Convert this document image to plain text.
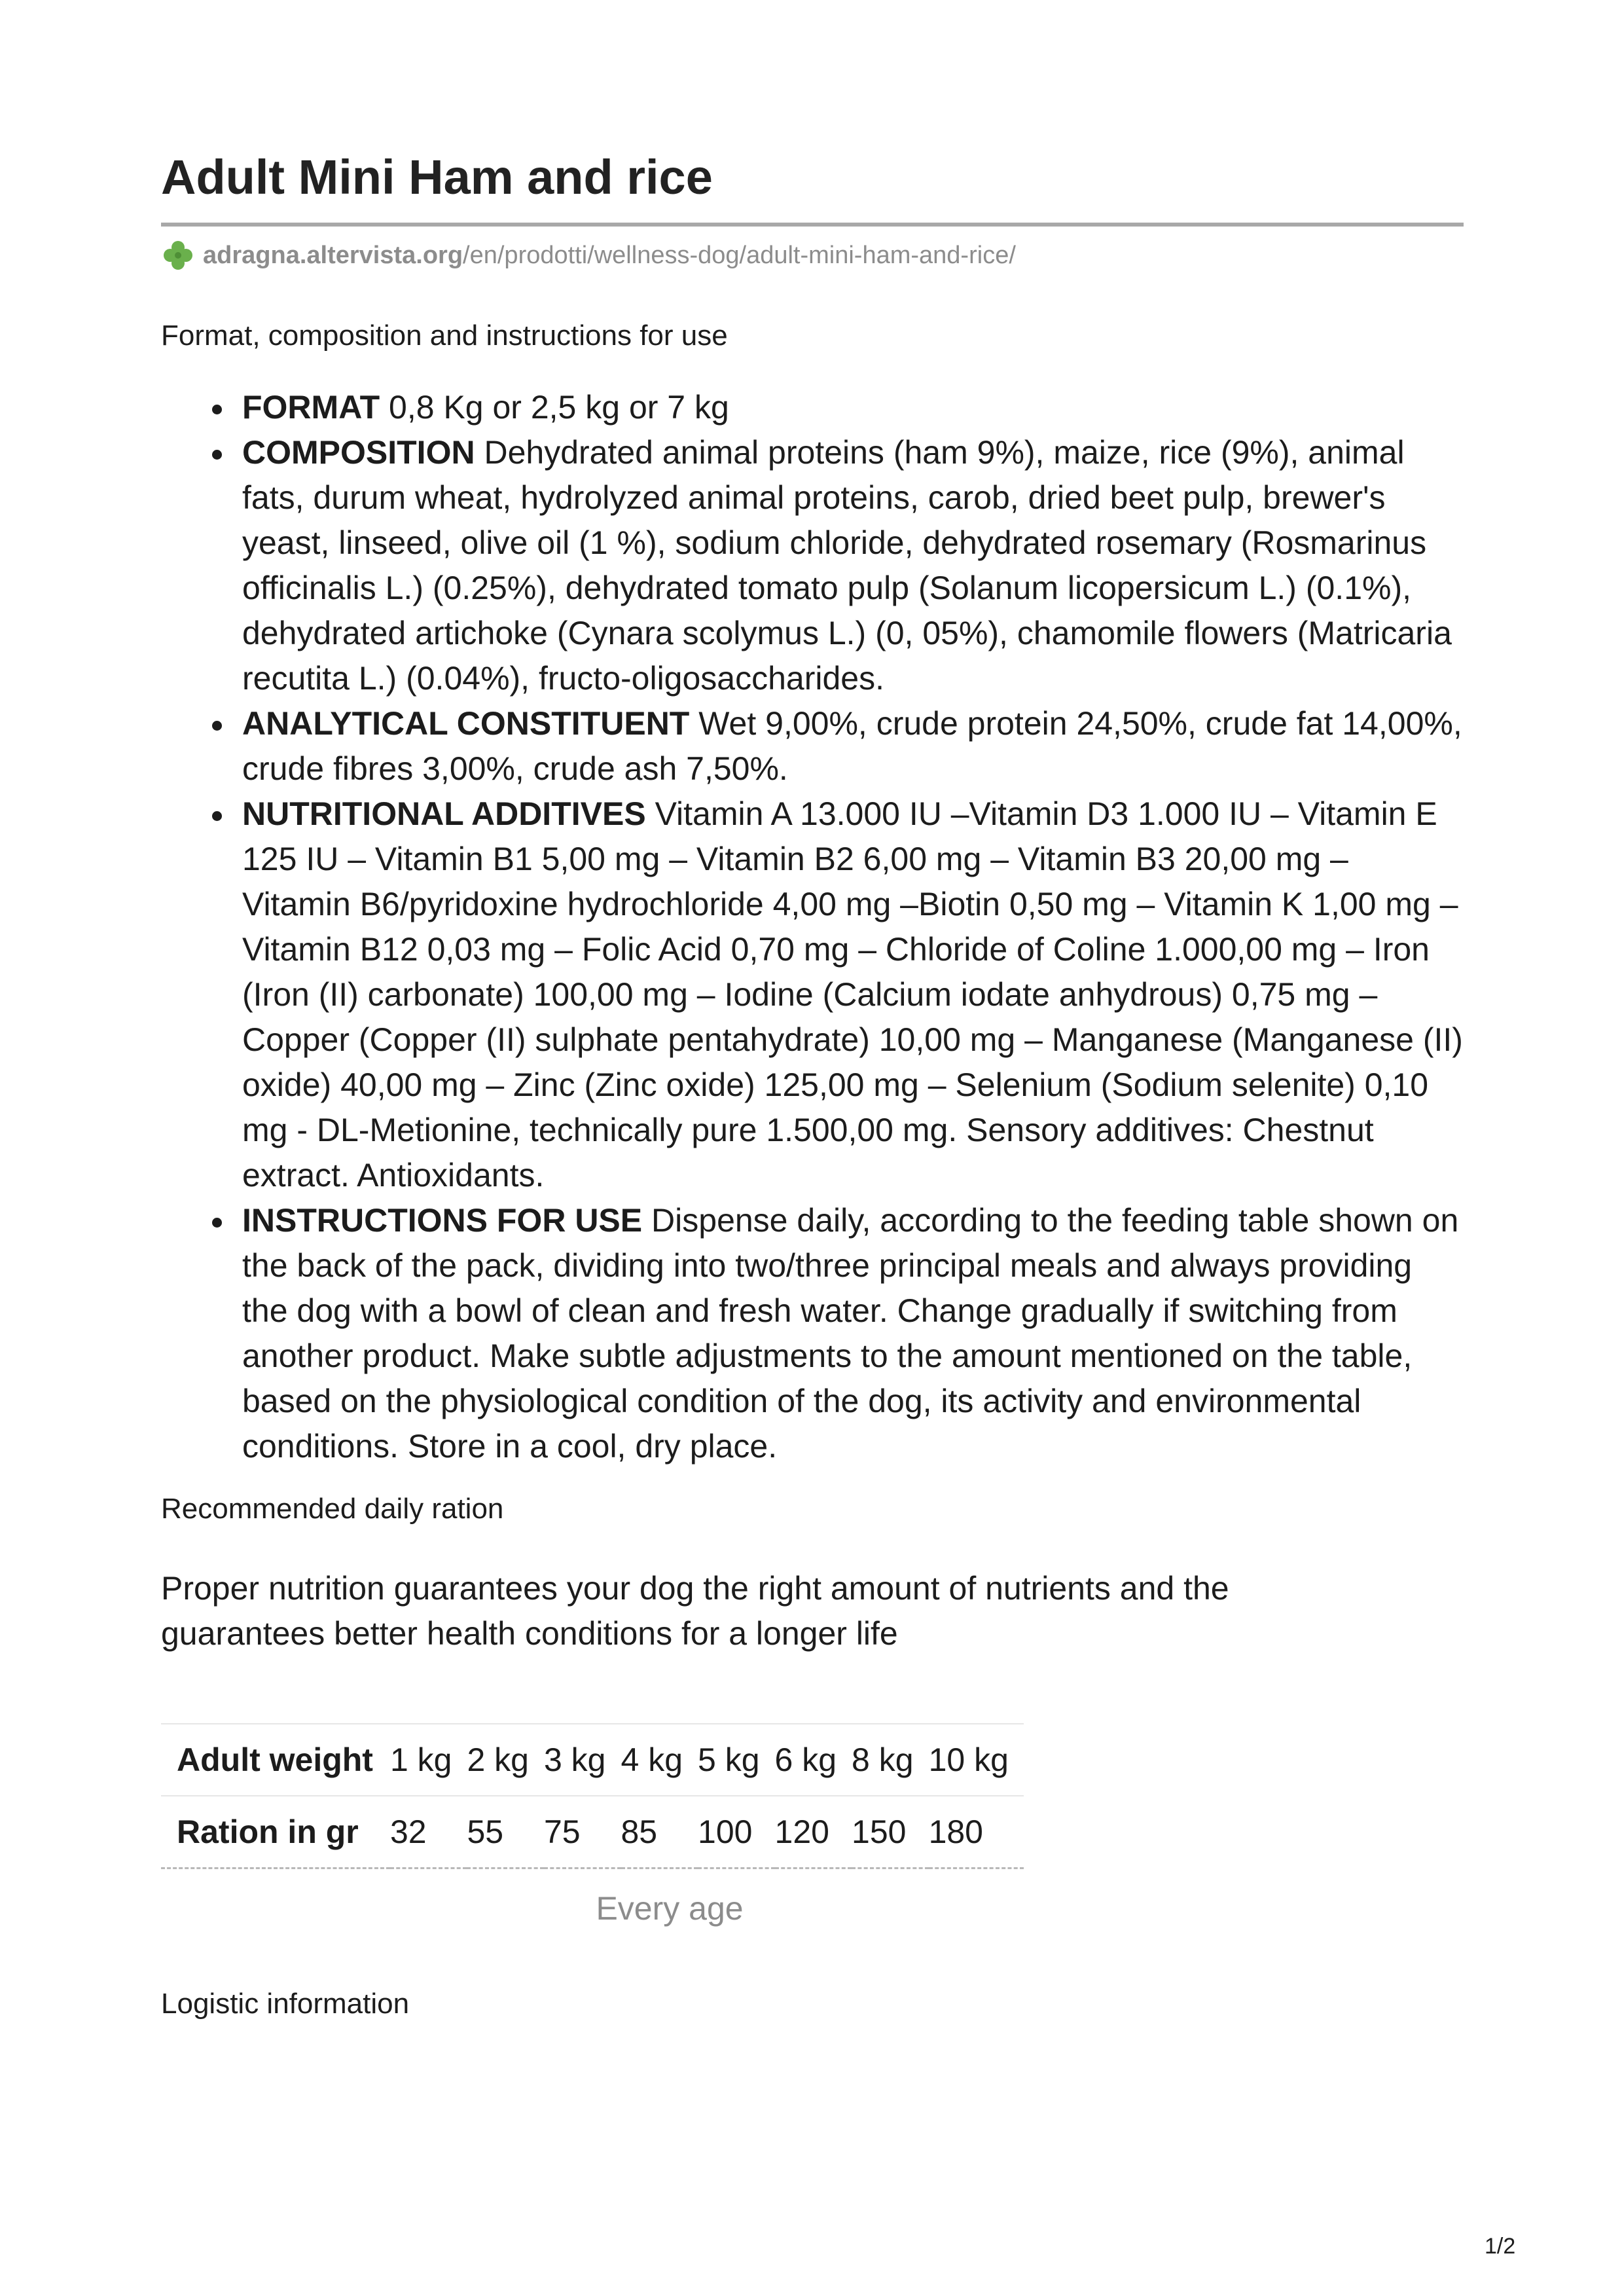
Adult Mini Ham and rice
adragna.altervista.org /en/prodotti/wellness-dog/adult-mini-ham-and-rice/

Format, composition and instructions for use

FORMAT 0,8 Kg or 2,5 kg or 7 kg
COMPOSITION Dehydrated animal proteins (ham 9%), maize, rice (9%), animal fats, durum wheat, hydrolyzed animal proteins, carob, dried beet pulp, brewer's yeast, linseed, olive oil (1 %), sodium chloride, dehydrated rosemary (Rosmarinus officinalis L.) (0.25%), dehydrated tomato pulp (Solanum licopersicum L.) (0.1%), dehydrated artichoke (Cynara scolymus L.) (0, 05%), chamomile flowers (Matricaria recutita L.) (0.04%), fructo-oligosaccharides.
ANALYTICAL CONSTITUENT Wet 9,00%, crude protein 24,50%, crude fat 14,00%, crude fibres 3,00%, crude ash 7,50%.
NUTRITIONAL ADDITIVES Vitamin A 13.000 IU –Vitamin D3 1.000 IU – Vitamin E 125 IU – Vitamin B1 5,00 mg – Vitamin B2 6,00 mg – Vitamin B3 20,00 mg – Vitamin B6/pyridoxine hydrochloride 4,00 mg –Biotin 0,50 mg – Vitamin K 1,00 mg – Vitamin B12 0,03 mg – Folic Acid 0,70 mg – Chloride of Coline 1.000,00 mg – Iron (Iron (II) carbonate) 100,00 mg – Iodine (Calcium iodate anhydrous) 0,75 mg – Copper (Copper (II) sulphate pentahydrate) 10,00 mg – Manganese (Manganese (II) oxide) 40,00 mg – Zinc (Zinc oxide) 125,00 mg – Selenium (Sodium selenite) 0,10 mg - DL-Metionine, technically pure 1.500,00 mg. Sensory additives: Chestnut extract. Antioxidants.
INSTRUCTIONS FOR USE Dispense daily, according to the feeding table shown on the back of the pack, dividing into two/three principal meals and always providing the dog with a bowl of clean and fresh water. Change gradually if switching from another product. Make subtle adjustments to the amount mentioned on the table, based on the physiological condition of the dog, its activity and environmental conditions. Store in a cool, dry place.

Recommended daily ration

Proper nutrition guarantees your dog the right amount of nutrients and the guarantees better health conditions for a longer life

Adult weight	1 kg	2 kg	3 kg	4 kg	5 kg	6 kg	8 kg	10 kg
Ration in gr	32	55	75	85	100	120	150	180
Every age

Logistic information

1/2
